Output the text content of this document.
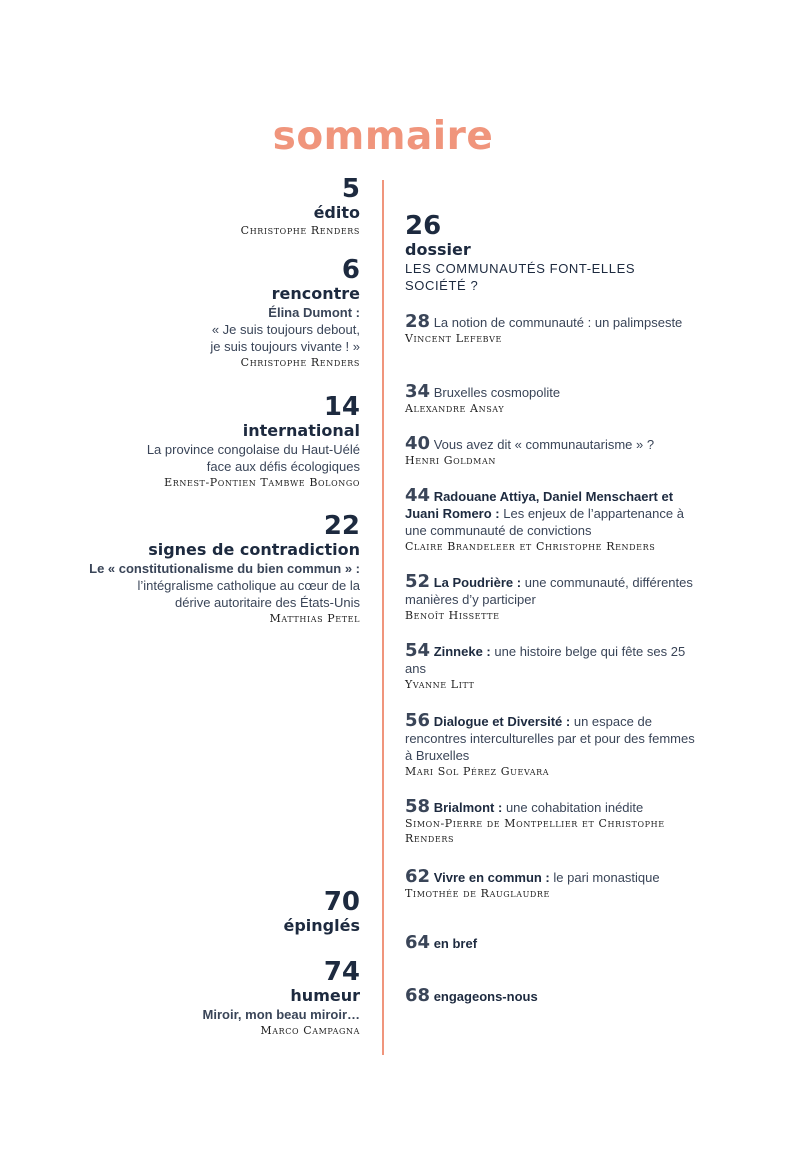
sommaire
5
édito
Christophe Renders
6
rencontre
Élina Dumont :
« Je suis toujours debout,
je suis toujours vivante ! »
Christophe Renders
14
international
La province congolaise du Haut-Uélé
face aux défis écologiques
Ernest-Pontien Tambwe Bolongo
22
signes de contradiction
Le « constitutionalisme du bien commun » :
l’intégralisme catholique au cœur de la
dérive autoritaire des États-Unis
Matthias Petel
70
épinglés
74
humeur
Miroir, mon beau miroir…
Marco Campagna
26
dossier
LES COMMUNAUTÉS FONT-ELLES
SOCIÉTÉ ?
28 La notion de communauté : un palimpseste
Vincent Lefebve
34 Bruxelles cosmopolite
Alexandre Ansay
40 Vous avez dit « communautarisme » ?
Henri Goldman
44 Radouane Attiya, Daniel Menschaert et Juani Romero : Les enjeux de l’appartenance à une communauté de convictions
Claire Brandeleer et Christophe Renders
52 La Poudrière : une communauté, différentes manières d’y participer
Benoît Hissette
54 Zinneke : une histoire belge qui fête ses 25 ans
Yvanne Litt
56 Dialogue et Diversité : un espace de rencontres interculturelles par et pour des femmes à Bruxelles
Mari Sol Pérez Guevara
58 Brialmont : une cohabitation inédite
Simon-Pierre de Montpellier et Christophe Renders
62 Vivre en commun : le pari monastique
Timothée de Rauglaudre
64 en bref
68 engageons-nous
